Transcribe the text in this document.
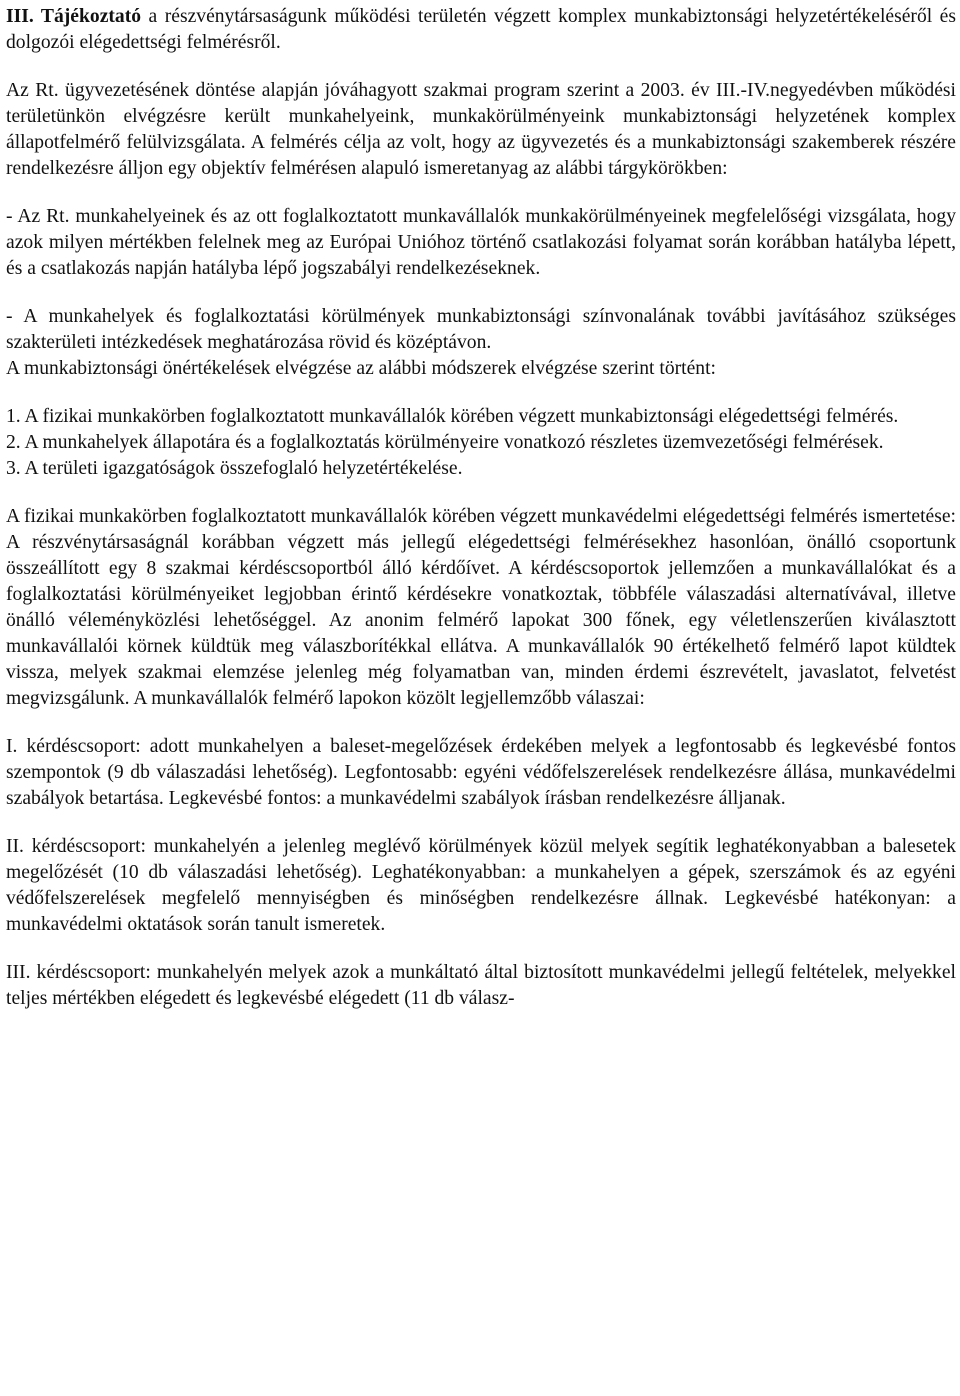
III. Tájékoztató a részvénytársaságunk működési területén végzett komplex munkabiztonsági helyzetértékeléséről és dolgozói elégedettségi felmérésről.

Az Rt. ügyvezetésének döntése alapján jóváhagyott szakmai program szerint a 2003. év III.-IV.negyedévben működési területünkön elvégzésre került munkahelyeink, munkakörülményeink munkabiztonsági helyzetének komplex állapotfelmérő felülvizsgálata. A felmérés célja az volt, hogy az ügyvezetés és a munkabiztonsági szakemberek részére rendelkezésre álljon egy objektív felmérésen alapuló ismeretanyag az alábbi tárgykörökben:

- Az Rt. munkahelyeinek és az ott foglalkoztatott munkavállalók munkakörülményeinek megfelelőségi vizsgálata, hogy azok milyen mértékben felelnek meg az Európai Unióhoz történő csatlakozási folyamat során korábban hatályba lépett, és a csatlakozás napján hatályba lépő jogszabályi rendelkezéseknek.

- A munkahelyek és foglalkoztatási körülmények munkabiztonsági színvonalának további javításához szükséges szakterületi intézkedések meghatározása rövid és középtávon.

A munkabiztonsági önértékelések elvégzése az alábbi módszerek elvégzése szerint történt:

1. A fizikai munkakörben foglalkoztatott munkavállalók körében végzett munkabiztonsági elégedettségi felmérés.

2. A munkahelyek állapotára és a foglalkoztatás körülményeire vonatkozó részletes üzemvezetőségi felmérések.

3. A területi igazgatóságok összefoglaló helyzetértékelése.

A fizikai munkakörben foglalkoztatott munkavállalók körében végzett munkavédelmi elégedettségi felmérés ismertetése: A részvénytársaságnál korábban végzett más jellegű elégedettségi felmérésekhez hasonlóan, önálló csoportunk összeállított egy 8 szakmai kérdéscsoportból álló kérdőívet. A kérdéscsoportok jellemzően a munkavállalókat és a foglalkoztatási körülményeiket legjobban érintő kérdésekre vonatkoztak, többféle válaszadási alternatívával, illetve önálló véleményközlési lehetőséggel. Az anonim felmérő lapokat 300 főnek, egy véletlenszerűen kiválasztott munkavállalói körnek küldtük meg válaszborítékkal ellátva. A munkavállalók 90 értékelhető felmérő lapot küldtek vissza, melyek szakmai elemzése jelenleg még folyamatban van, minden érdemi észrevételt, javaslatot, felvetést megvizsgálunk. A munkavállalók felmérő lapokon közölt legjellemzőbb válaszai:

I. kérdéscsoport: adott munkahelyen a baleset-megelőzések érdekében melyek a legfontosabb és legkevésbé fontos szempontok (9 db válaszadási lehetőség). Legfontosabb: egyéni védőfelszerelések rendelkezésre állása, munkavédelmi szabályok betartása. Legkevésbé fontos: a munkavédelmi szabályok írásban rendelkezésre álljanak.

II. kérdéscsoport: munkahelyén a jelenleg meglévő körülmények közül melyek segítik leghatékonyabban a balesetek megelőzését (10 db válaszadási lehetőség). Leghatékonyabban: a munkahelyen a gépek, szerszámok és az egyéni védőfelszerelések megfelelő mennyiségben és minőségben rendelkezésre állnak. Legkevésbé hatékonyan: a munkavédelmi oktatások során tanult ismeretek.

III. kérdéscsoport: munkahelyén melyek azok a munkáltató által biztosított munkavédelmi jellegű feltételek, melyekkel teljes mértékben elégedett és legkevésbé elégedett (11 db válasz-
